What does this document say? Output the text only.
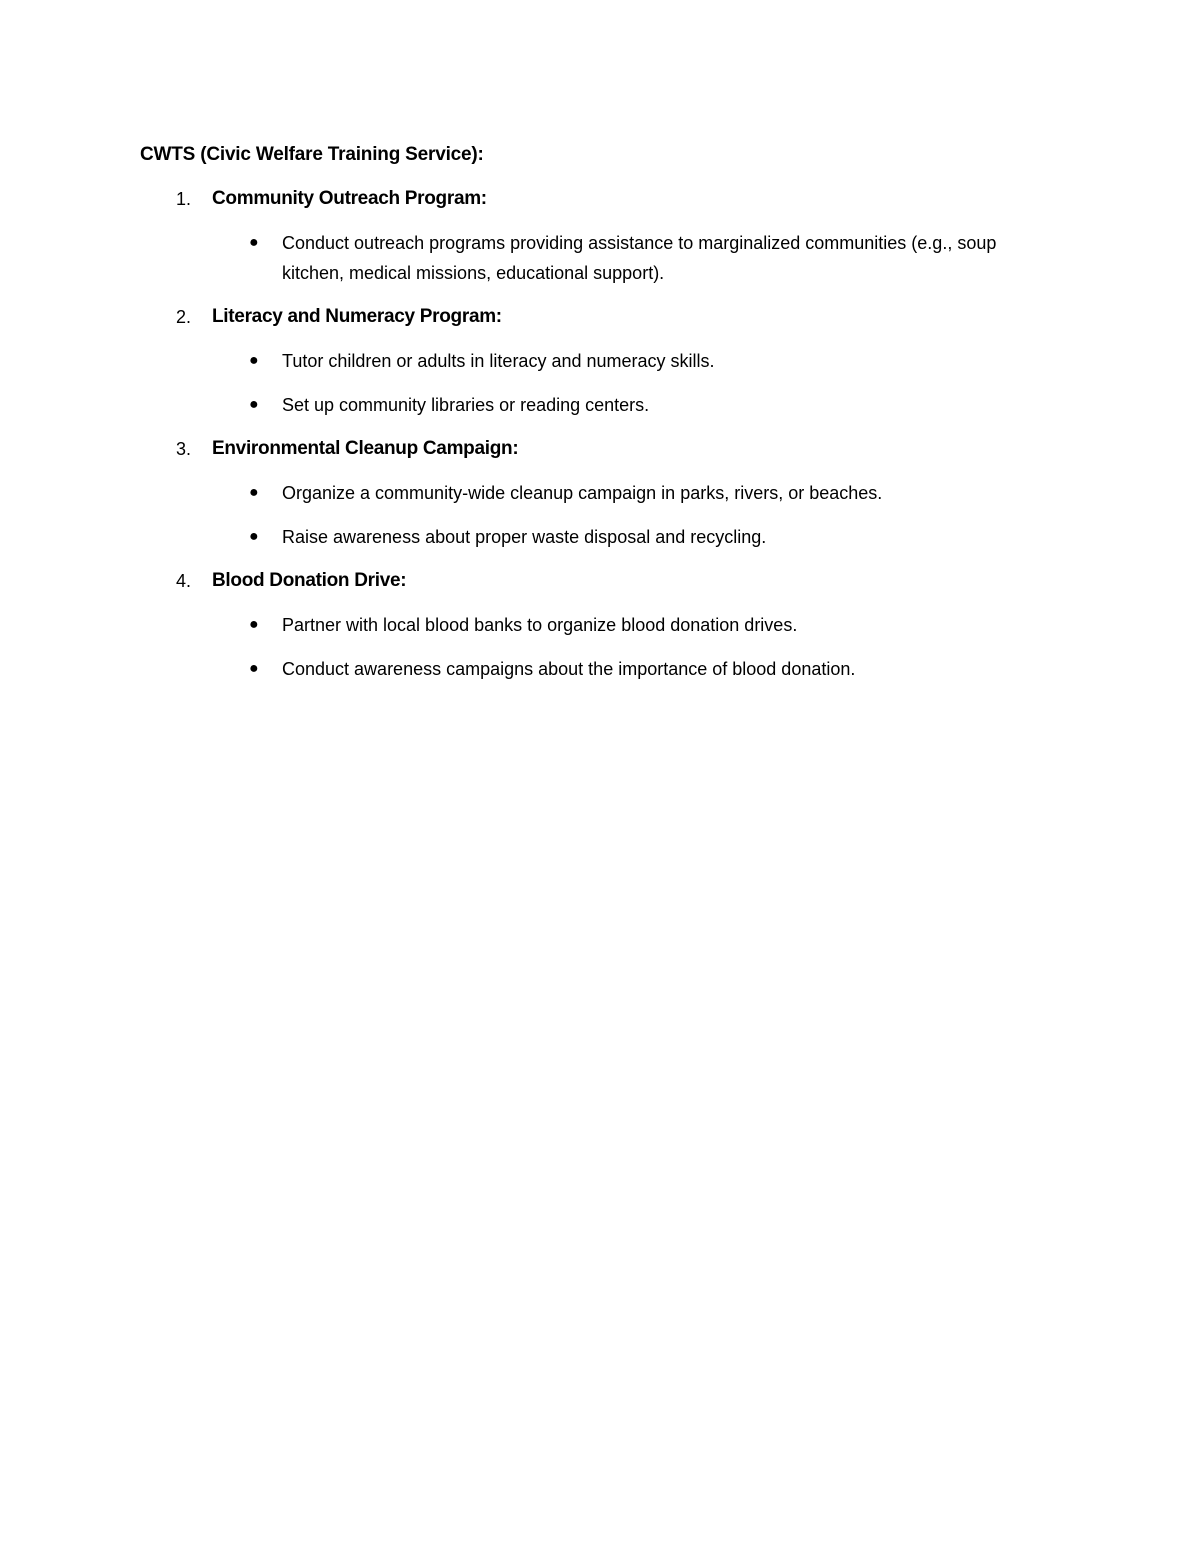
CWTS (Civic Welfare Training Service):

1. Community Outreach Program:
● Conduct outreach programs providing assistance to marginalized communities (e.g., soup kitchen, medical missions, educational support).
2. Literacy and Numeracy Program:
● Tutor children or adults in literacy and numeracy skills.
● Set up community libraries or reading centers.
3. Environmental Cleanup Campaign:
● Organize a community-wide cleanup campaign in parks, rivers, or beaches.
● Raise awareness about proper waste disposal and recycling.
4. Blood Donation Drive:
● Partner with local blood banks to organize blood donation drives.
● Conduct awareness campaigns about the importance of blood donation.
